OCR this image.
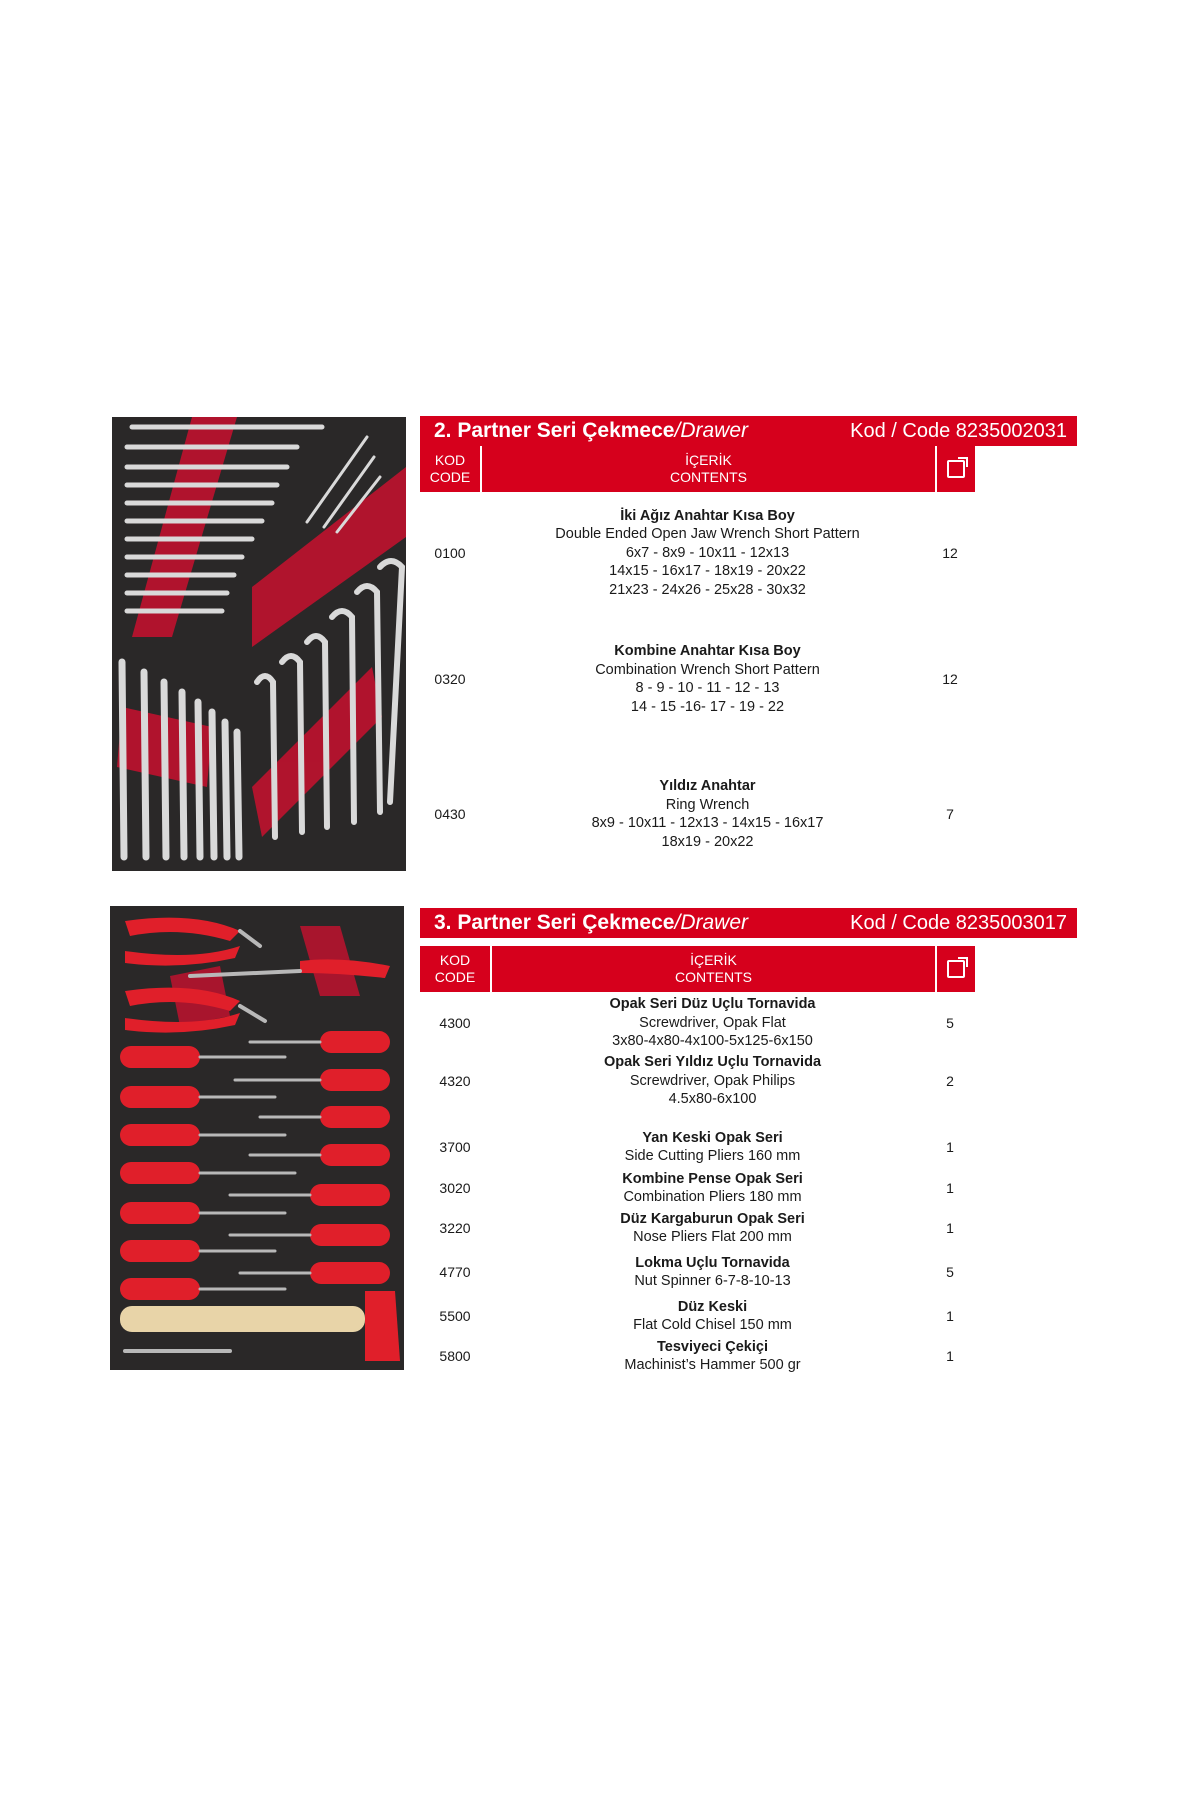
2. Partner Seri Çekmece/Drawer	Kod / Code 8235002031
KOD
CODE
İÇERİK
CONTENTS
0100
İki Ağız Anahtar Kısa Boy
Double Ended Open Jaw Wrench Short Pattern
6x7 - 8x9 - 10x11 - 12x13
14x15 - 16x17 - 18x19 - 20x22
21x23 - 24x26 - 25x28 - 30x32
12
0320
Kombine Anahtar Kısa Boy
Combination Wrench Short Pattern
8 - 9 - 10 - 11 - 12 - 13
14 - 15 -16- 17 - 19 - 22
12
0430
Yıldız Anahtar
Ring Wrench
8x9 - 10x11 - 12x13 - 14x15 - 16x17
18x19 - 20x22
7
3. Partner Seri Çekmece/Drawer	Kod / Code 8235003017
KOD
CODE
İÇERİK
CONTENTS
4300
Opak Seri Düz Uçlu Tornavida
Screwdriver, Opak Flat
3x80-4x80-4x100-5x125-6x150
5
4320
Opak Seri Yıldız Uçlu Tornavida
Screwdriver, Opak Philips
4.5x80-6x100
2
3700
Yan Keski Opak Seri
Side Cutting Pliers 160 mm
1
3020
Kombine Pense Opak Seri
Combination Pliers 180 mm
1
3220
Düz Kargaburun Opak Seri
Nose Pliers Flat 200 mm
1
4770
Lokma Uçlu Tornavida
Nut Spinner 6-7-8-10-13
5
5500
Düz Keski
Flat Cold Chisel 150 mm
1
5800
Tesviyeci Çekiçi
Machinist’s Hammer 500 gr
1
